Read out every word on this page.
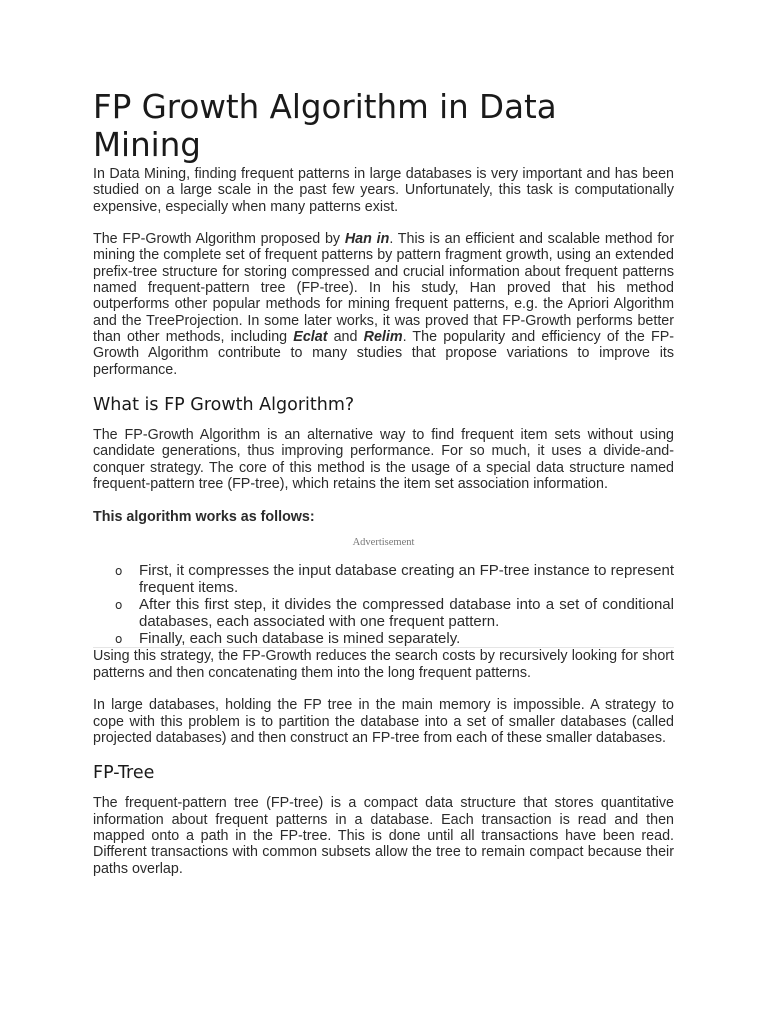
FP Growth Algorithm in Data Mining

In Data Mining, finding frequent patterns in large databases is very important and has been studied on a large scale in the past few years. Unfortunately, this task is computationally expensive, especially when many patterns exist.

The FP-Growth Algorithm proposed by Han in. This is an efficient and scalable method for mining the complete set of frequent patterns by pattern fragment growth, using an extended prefix-tree structure for storing compressed and crucial information about frequent patterns named frequent-pattern tree (FP-tree). In his study, Han proved that his method outperforms other popular methods for mining frequent patterns, e.g. the Apriori Algorithm and the TreeProjection. In some later works, it was proved that FP-Growth performs better than other methods, including Eclat and Relim. The popularity and efficiency of the FP-Growth Algorithm contribute to many studies that propose variations to improve its performance.

What is FP Growth Algorithm?

The FP-Growth Algorithm is an alternative way to find frequent item sets without using candidate generations, thus improving performance. For so much, it uses a divide-and-conquer strategy. The core of this method is the usage of a special data structure named frequent-pattern tree (FP-tree), which retains the item set association information.

This algorithm works as follows:

Advertisement
o First, it compresses the input database creating an FP-tree instance to represent frequent items.
o After this first step, it divides the compressed database into a set of conditional databases, each associated with one frequent pattern.
o Finally, each such database is mined separately.

Using this strategy, the FP-Growth reduces the search costs by recursively looking for short patterns and then concatenating them into the long frequent patterns.

In large databases, holding the FP tree in the main memory is impossible. A strategy to cope with this problem is to partition the database into a set of smaller databases (called projected databases) and then construct an FP-tree from each of these smaller databases.

FP-Tree

The frequent-pattern tree (FP-tree) is a compact data structure that stores quantitative information about frequent patterns in a database. Each transaction is read and then mapped onto a path in the FP-tree. This is done until all transactions have been read. Different transactions with common subsets allow the tree to remain compact because their paths overlap.
